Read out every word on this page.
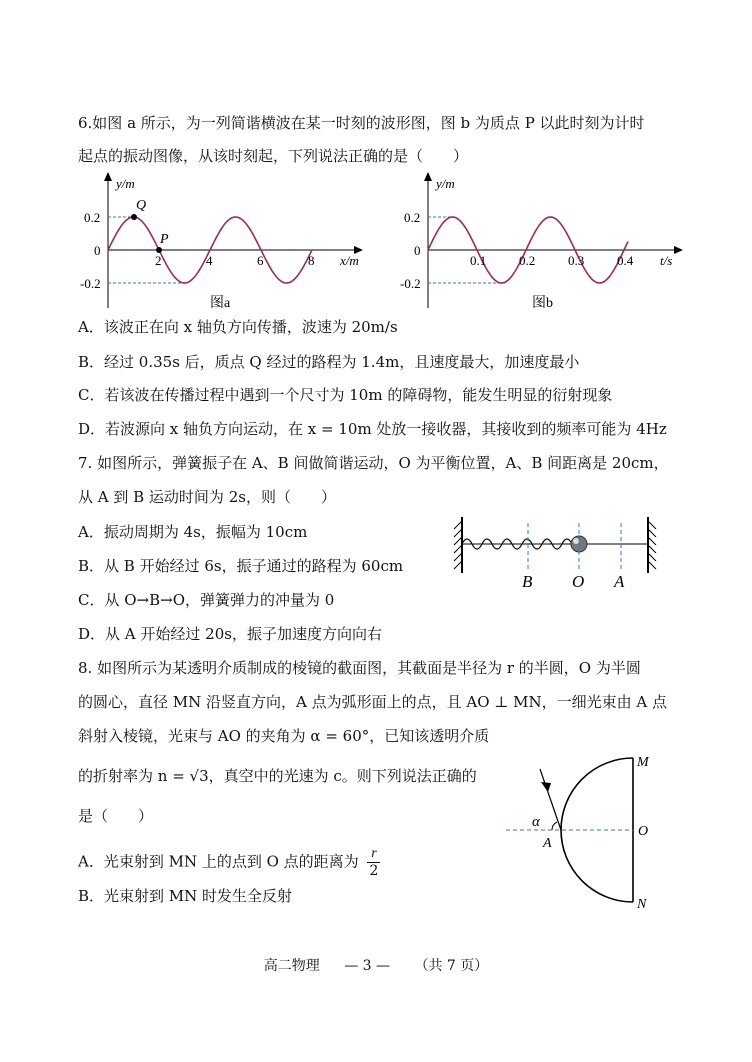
6.如图 a 所示，为一列简谐横波在某一时刻的波形图，图 b 为质点 P 以此时刻为计时
起点的振动图像，从该时刻起，下列说法正确的是（　　）
y/m
x/m
0.2
0
-0.2
2	4	6	8
Q
P
图a
y/m
t/s
0.2
0
-0.2
0.1	0.2	0.3	0.4
图b
A．该波正在向 x 轴负方向传播，波速为 20m/s
B．经过 0.35s 后，质点 Q 经过的路程为 1.4m，且速度最大，加速度最小
C．若该波在传播过程中遇到一个尺寸为 10m 的障碍物，能发生明显的衍射现象
D．若波源向 x 轴负方向运动，在 x = 10m 处放一接收器，其接收到的频率可能为 4Hz
7. 如图所示，弹簧振子在 A、B 间做简谐运动，O 为平衡位置，A、B 间距离是 20cm，
从 A 到 B 运动时间为 2s，则（　　）
A．振动周期为 4s，振幅为 10cm
B．从 B 开始经过 6s，振子通过的路程为 60cm
C．从 O→B→O，弹簧弹力的冲量为 0
D．从 A 开始经过 20s，振子加速度方向向右
B O A
8. 如图所示为某透明介质制成的棱镜的截面图，其截面是半径为 r 的半圆，O 为半圆
的圆心，直径 MN 沿竖直方向，A 点为弧形面上的点，且 AO ⊥ MN，一细光束由 A 点
斜射入棱镜，光束与 AO 的夹角为 α = 60°，已知该透明介质
的折射率为 n = √3，真空中的光速为 c。则下列说法正确的
是（　　）
A．光束射到 MN 上的点到 O 点的距离为 $\frac{r}{2}$
B．光束射到 MN 时发生全反射
α
A
M
O
N
高二物理 — 3 — （共 7 页）
